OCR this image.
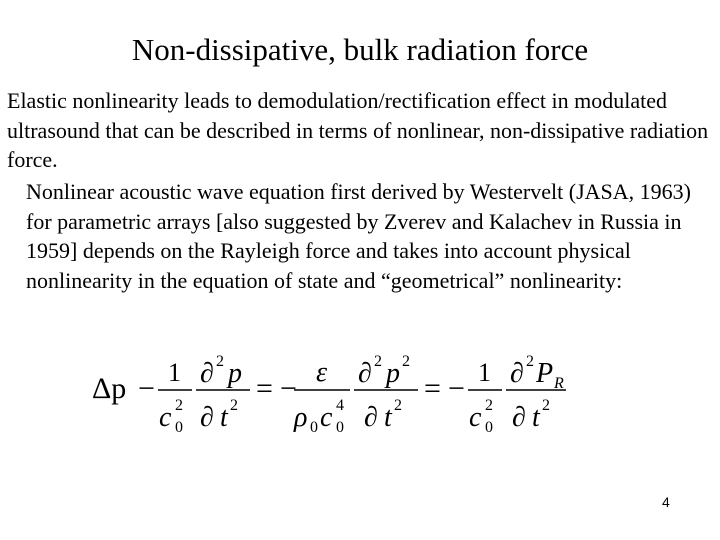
Non-dissipative, bulk radiation force

Elastic nonlinearity leads to demodulation/rectification effect in modulated ultrasound that can be described in terms of nonlinear, non-dissipative radiation force.

Nonlinear acoustic wave equation first derived by Westervelt (JASA, 1963) for parametric arrays [also suggested by Zverev and Kalachev in Russia in 1959] depends on the Rayleigh force and takes into account physical nonlinearity in the equation of state and “geometrical” nonlinearity:

Δp − 1
c 2
0
∂ 2 p
∂ t 2
= − ε
ρ 0 c 4
0
∂ 2 p 2
∂ t 2
= − 1
c 2
0
∂ 2 P R
∂ t 2
4
